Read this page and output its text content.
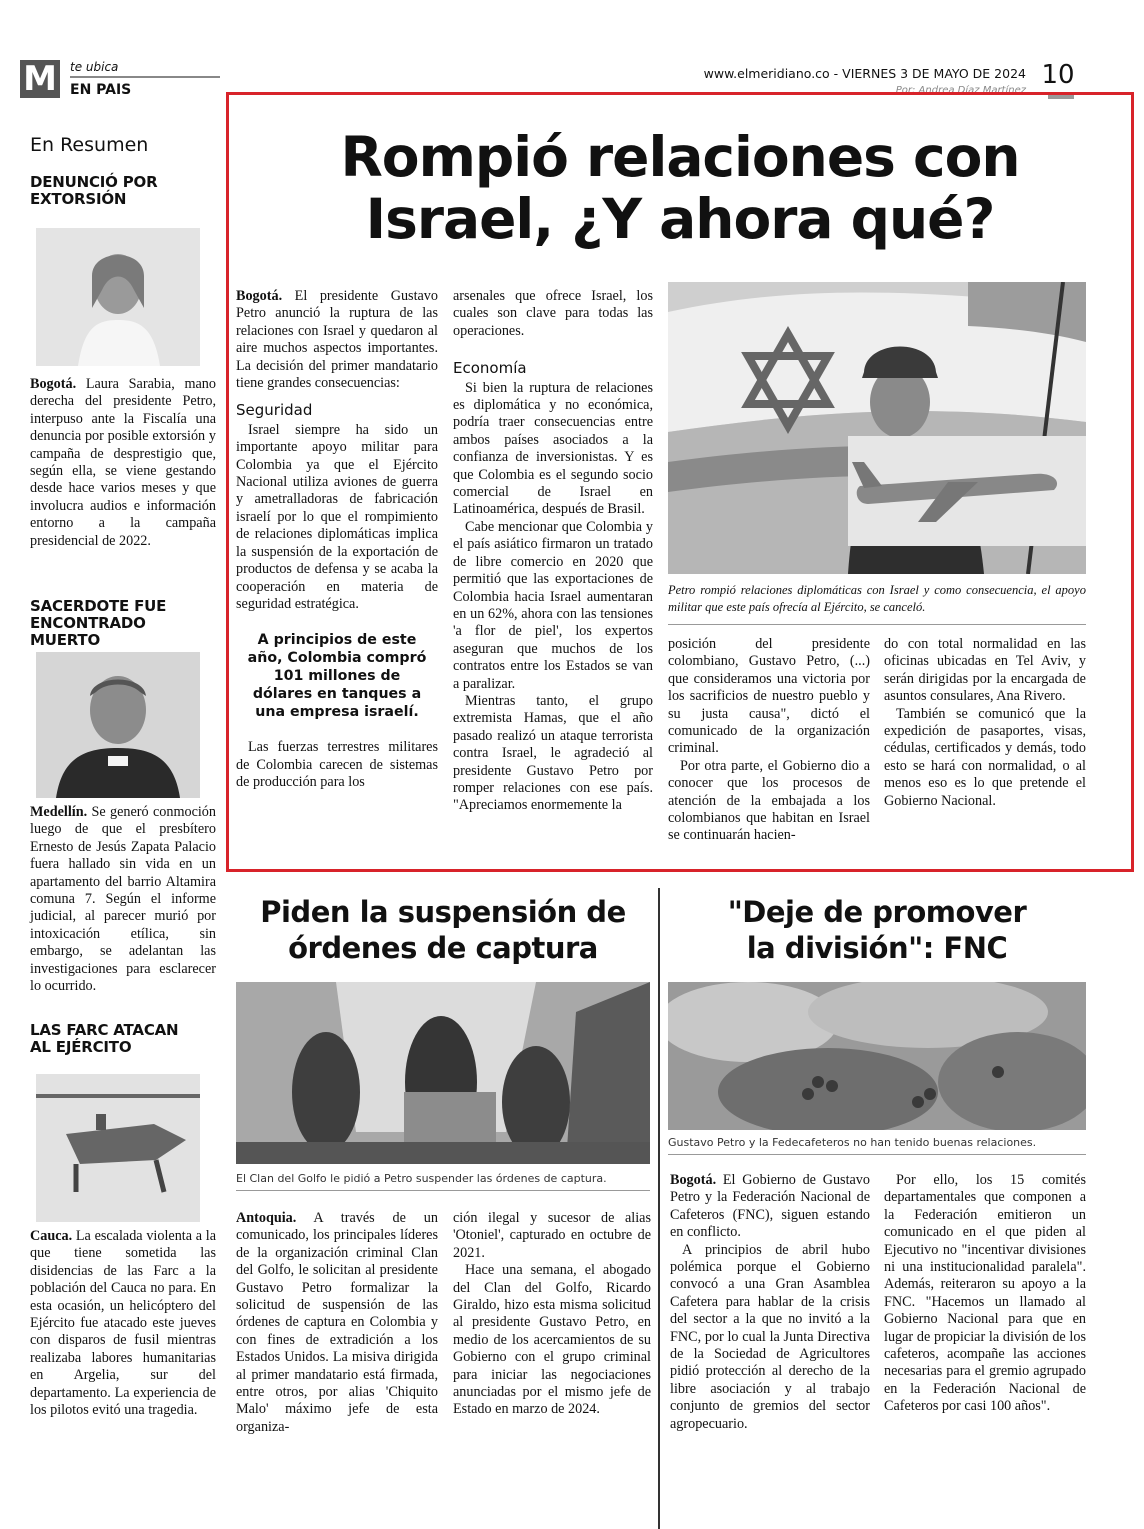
M te ubica
EN PAIS
www.elmeridiano.co - VIERNES 3 DE MAYO DE 2024
Por: Andrea Díaz Martínez
10
En Resumen
DENUNCIÓ POR EXTORSIÓN

Bogotá. Laura Sarabia, mano derecha del presidente Petro, interpuso ante la Fiscalía una denuncia por posible extorsión y campaña de desprestigio que, según ella, se viene gestando desde hace varios meses y que involucra audios e información entorno a la campaña presidencial de 2022.

SACERDOTE FUE ENCONTRADO MUERTO

Medellín. Se generó conmoción luego de que el presbítero Ernesto de Jesús Zapata Palacio fuera hallado sin vida en un apartamento del barrio Altamira comuna 7. Según el informe judicial, al parecer murió por intoxicación etílica, sin embargo, se adelantan las investigaciones para esclarecer lo ocurrido.

LAS FARC ATACAN AL EJÉRCITO

Cauca. La escalada violenta a la que tiene sometida las disidencias de las Farc a la población del Cauca no para. En esta ocasión, un helicóptero del Ejército fue atacado este jueves con disparos de fusil mientras realizaba labores humanitarias en Argelia, sur del departamento. La experiencia de los pilotos evitó una tragedia.

Rompió relaciones con
Israel, ¿Y ahora qué?

Bogotá. El presidente Gustavo Petro anunció la ruptura de las relaciones con Israel y quedaron al aire muchos aspectos importantes. La decisión del primer mandatario tiene grandes consecuencias:

Seguridad

Israel siempre ha sido un importante apoyo militar para Colombia ya que el Ejército Nacional utiliza aviones de guerra y ametralladoras de fabricación israelí por lo que el rompimiento de relaciones diplomáticas implica la suspensión de la exportación de productos de defensa y se acaba la cooperación en materia de seguridad estratégica.

A principios de este año, Colombia compró 101 millones de dólares en tanques a una empresa israelí.

Las fuerzas terrestres militares de Colombia carecen de sistemas de producción para los

arsenales que ofrece Israel, los cuales son clave para todas las operaciones.

Economía

Si bien la ruptura de relaciones es diplomática y no económica, podría traer consecuencias entre ambos países asociados a la confianza de inversionistas. Y es que Colombia es el segundo socio comercial de Israel en Latinoamérica, después de Brasil.

Cabe mencionar que Colombia y el país asiático firmaron un tratado de libre comercio en 2020 que permitió que las exportaciones de Colombia hacia Israel aumentaran en un 62%, ahora con las tensiones 'a flor de piel', los expertos aseguran que muchos de los contratos entre los Estados se van a paralizar.

Mientras tanto, el grupo extremista Hamas, que el año pasado realizó un ataque terrorista contra Israel, le agradeció al presidente Gustavo Petro por romper relaciones con ese país. "Apreciamos enormemente la

Petro rompió relaciones diplomáticas con Israel y como consecuencia, el apoyo militar que este país ofrecía al Ejército, se canceló.

posición del presidente colombiano, Gustavo Petro, (...) que consideramos una victoria por los sacrificios de nuestro pueblo y su justa causa", dictó el comunicado de la organización criminal.

Por otra parte, el Gobierno dio a conocer que los procesos de atención de la embajada a los colombianos que habitan en Israel se continuarán hacien-

do con total normalidad en las oficinas ubicadas en Tel Aviv, y serán dirigidas por la encargada de asuntos consulares, Ana Rivero.

También se comunicó que la expedición de pasaportes, visas, cédulas, certificados y demás, todo esto se hará con normalidad, o al menos eso es lo que pretende el Gobierno Nacional.

Piden la suspensión de
órdenes de captura
El Clan del Golfo le pidió a Petro suspender las órdenes de captura.

Antoquia. A través de un comunicado, los principales líderes de la organización criminal Clan del Golfo, le solicitan al presidente Gustavo Petro formalizar la solicitud de suspensión de las órdenes de captura en Colombia y con fines de extradición a los Estados Unidos. La misiva dirigida al primer mandatario está firmada, entre otros, por alias 'Chiquito Malo' máximo jefe de esta organiza-

ción ilegal y sucesor de alias 'Otoniel', capturado en octubre de 2021.

Hace una semana, el abogado del Clan del Golfo, Ricardo Giraldo, hizo esta misma solicitud al presidente Gustavo Petro, en medio de los acercamientos de su Gobierno con el grupo criminal para iniciar las negociaciones anunciadas por el mismo jefe de Estado en marzo de 2024.

"Deje de promover
la división": FNC
Gustavo Petro y la Fedecafeteros no han tenido buenas relaciones.

Bogotá. El Gobierno de Gustavo Petro y la Federación Nacional de Cafeteros (FNC), siguen estando en conflicto.

A principios de abril hubo polémica porque el Gobierno convocó a una Gran Asamblea Cafetera para hablar de la crisis del sector a la que no invitó a la FNC, por lo cual la Junta Directiva de la Sociedad de Agricultores pidió protección al derecho de la libre asociación y al trabajo conjunto de gremios del sector agropecuario.

Por ello, los 15 comités departamentales que componen a la Federación emitieron un comunicado en el que piden al Ejecutivo no "incentivar divisiones ni una institucionalidad paralela". Además, reiteraron su apoyo a la FNC. "Hacemos un llamado al Gobierno Nacional para que en lugar de propiciar la división de los cafeteros, acompañe las acciones necesarias para el gremio agrupado en la Federación Nacional de Cafeteros por casi 100 años".
